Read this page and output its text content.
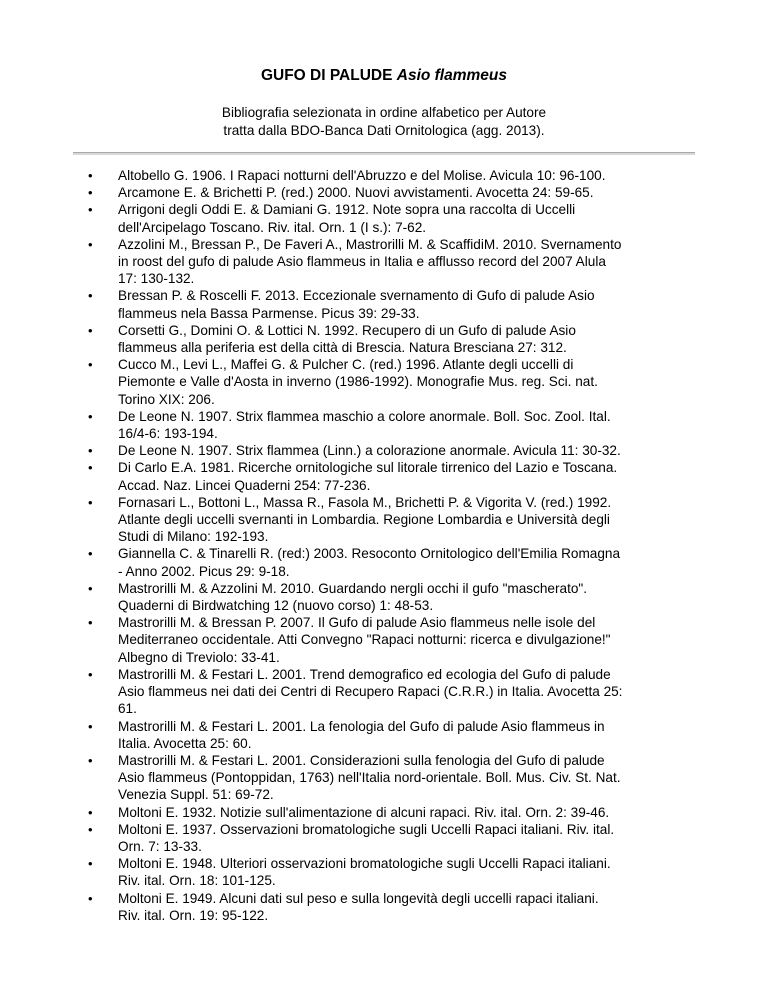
GUFO DI PALUDE Asio flammeus
Bibliografia selezionata in ordine alfabetico per Autore
tratta dalla BDO-Banca Dati Ornitologica (agg. 2013).
• Altobello G. 1906. I Rapaci notturni dell'Abruzzo e del Molise. Avicula 10: 96-100.
• Arcamone E. & Brichetti P. (red.) 2000. Nuovi avvistamenti. Avocetta 24: 59-65.
• Arrigoni degli Oddi E. & Damiani G. 1912. Note sopra una raccolta di Uccelli
dell'Arcipelago Toscano. Riv. ital. Orn. 1 (I s.): 7-62.
• Azzolini M., Bressan P., De Faveri A., Mastrorilli M. & ScaffidiM. 2010. Svernamento
in roost del gufo di palude Asio flammeus in Italia e afflusso record del 2007 Alula
17: 130-132.
• Bressan P. & Roscelli F. 2013. Eccezionale svernamento di Gufo di palude Asio
flammeus nela Bassa Parmense. Picus 39: 29-33.
• Corsetti G., Domini O. & Lottici N. 1992. Recupero di un Gufo di palude Asio
flammeus alla periferia est della città di Brescia. Natura Bresciana 27: 312.
• Cucco M., Levi L., Maffei G. & Pulcher C. (red.) 1996. Atlante degli uccelli di
Piemonte e Valle d'Aosta in inverno (1986-1992). Monografie Mus. reg. Sci. nat.
Torino XIX: 206.
• De Leone N. 1907. Strix flammea maschio a colore anormale. Boll. Soc. Zool. Ital.
16/4-6: 193-194.
• De Leone N. 1907. Strix flammea (Linn.) a colorazione anormale. Avicula 11: 30-32.
• Di Carlo E.A. 1981. Ricerche ornitologiche sul litorale tirrenico del Lazio e Toscana.
Accad. Naz. Lincei Quaderni 254: 77-236.
• Fornasari L., Bottoni L., Massa R., Fasola M., Brichetti P. & Vigorita V. (red.) 1992.
Atlante degli uccelli svernanti in Lombardia. Regione Lombardia e Università degli
Studi di Milano: 192-193.
• Giannella C. & Tinarelli R. (red:) 2003. Resoconto Ornitologico dell'Emilia Romagna
- Anno 2002. Picus 29: 9-18.
• Mastrorilli M. & Azzolini M. 2010. Guardando nergli occhi il gufo "mascherato".
Quaderni di Birdwatching 12 (nuovo corso) 1: 48-53.
• Mastrorilli M. & Bressan P. 2007. Il Gufo di palude Asio flammeus nelle isole del
Mediterraneo occidentale. Atti Convegno "Rapaci notturni: ricerca e divulgazione!"
Albegno di Treviolo: 33-41.
• Mastrorilli M. & Festari L. 2001. Trend demografico ed ecologia del Gufo di palude
Asio flammeus nei dati dei Centri di Recupero Rapaci (C.R.R.) in Italia. Avocetta 25:
61.
• Mastrorilli M. & Festari L. 2001. La fenologia del Gufo di palude Asio flammeus in
Italia. Avocetta 25: 60.
• Mastrorilli M. & Festari L. 2001. Considerazioni sulla fenologia del Gufo di palude
Asio flammeus (Pontoppidan, 1763) nell'Italia nord-orientale. Boll. Mus. Civ. St. Nat.
Venezia Suppl. 51: 69-72.
• Moltoni E. 1932. Notizie sull'alimentazione di alcuni rapaci. Riv. ital. Orn. 2: 39-46.
• Moltoni E. 1937. Osservazioni bromatologiche sugli Uccelli Rapaci italiani. Riv. ital.
Orn. 7: 13-33.
• Moltoni E. 1948. Ulteriori osservazioni bromatologiche sugli Uccelli Rapaci italiani.
Riv. ital. Orn. 18: 101-125.
• Moltoni E. 1949. Alcuni dati sul peso e sulla longevità degli uccelli rapaci italiani.
Riv. ital. Orn. 19: 95-122.
